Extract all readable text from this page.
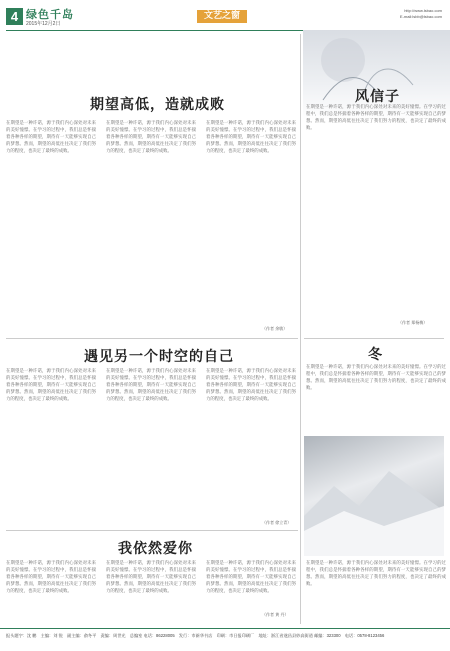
4 绿色千岛
2015年12月2日
文艺之窗
http://www.lsbao.com
E-mail:lsbb@lsbao.com
期望高低，造就成败	风信子
在期望是一种许诺，源于我们内心深处对未来的美好憧憬。在学习的过程中，我们总是怀揣着各种各样的期望，期待有一天能够实现自己的梦想。然而，期望的高低往往决定了我们努力的程度，也决定了最终的成败。
在期望是一种许诺，源于我们内心深处对未来的美好憧憬。在学习的过程中，我们总是怀揣着各种各样的期望，期待有一天能够实现自己的梦想。然而，期望的高低往往决定了我们努力的程度，也决定了最终的成败。
在期望是一种许诺，源于我们内心深处对未来的美好憧憬。在学习的过程中，我们总是怀揣着各种各样的期望，期待有一天能够实现自己的梦想。然而，期望的高低往往决定了我们努力的程度，也决定了最终的成败。
（作者 余敏）
在期望是一种许诺，源于我们内心深处对未来的美好憧憬。在学习的过程中，我们总是怀揣着各种各样的期望，期待有一天能够实现自己的梦想。然而，期望的高低往往决定了我们努力的程度，也决定了最终的成败。
（作者 郑杨梅）
遇见另一个时空的自己
在期望是一种许诺，源于我们内心深处对未来的美好憧憬。在学习的过程中，我们总是怀揣着各种各样的期望，期待有一天能够实现自己的梦想。然而，期望的高低往往决定了我们努力的程度，也决定了最终的成败。
在期望是一种许诺，源于我们内心深处对未来的美好憧憬。在学习的过程中，我们总是怀揣着各种各样的期望，期待有一天能够实现自己的梦想。然而，期望的高低往往决定了我们努力的程度，也决定了最终的成败。
在期望是一种许诺，源于我们内心深处对未来的美好憧憬。在学习的过程中，我们总是怀揣着各种各样的期望，期待有一天能够实现自己的梦想。然而，期望的高低往往决定了我们努力的程度，也决定了最终的成败。
（作者 徐立青）
我依然爱你
在期望是一种许诺，源于我们内心深处对未来的美好憧憬。在学习的过程中，我们总是怀揣着各种各样的期望，期待有一天能够实现自己的梦想。然而，期望的高低往往决定了我们努力的程度，也决定了最终的成败。
在期望是一种许诺，源于我们内心深处对未来的美好憧憬。在学习的过程中，我们总是怀揣着各种各样的期望，期待有一天能够实现自己的梦想。然而，期望的高低往往决定了我们努力的程度，也决定了最终的成败。
在期望是一种许诺，源于我们内心深处对未来的美好憧憬。在学习的过程中，我们总是怀揣着各种各样的期望，期待有一天能够实现自己的梦想。然而，期望的高低往往决定了我们努力的程度，也决定了最终的成败。
（作者 黄 丹）
冬
在期望是一种许诺，源于我们内心深处对未来的美好憧憬。在学习的过程中，我们总是怀揣着各种各样的期望，期待有一天能够实现自己的梦想。然而，期望的高低往往决定了我们努力的程度，也决定了最终的成败。
在期望是一种许诺，源于我们内心深处对未来的美好憧憬。在学习的过程中，我们总是怀揣着各种各样的期望，期待有一天能够实现自己的梦想。然而，期望的高低往往决定了我们努力的程度，也决定了最终的成败。
报头题字：沈 鹏　主编：刘 锐　副主编：俞冬平　责编：周世光　总编室 电话：86228005　发行：市新华书店　印刷：市日报印刷厂　地址：浙江省遂昌县妙高街道 邮编：323300　电话：0578-8123456
